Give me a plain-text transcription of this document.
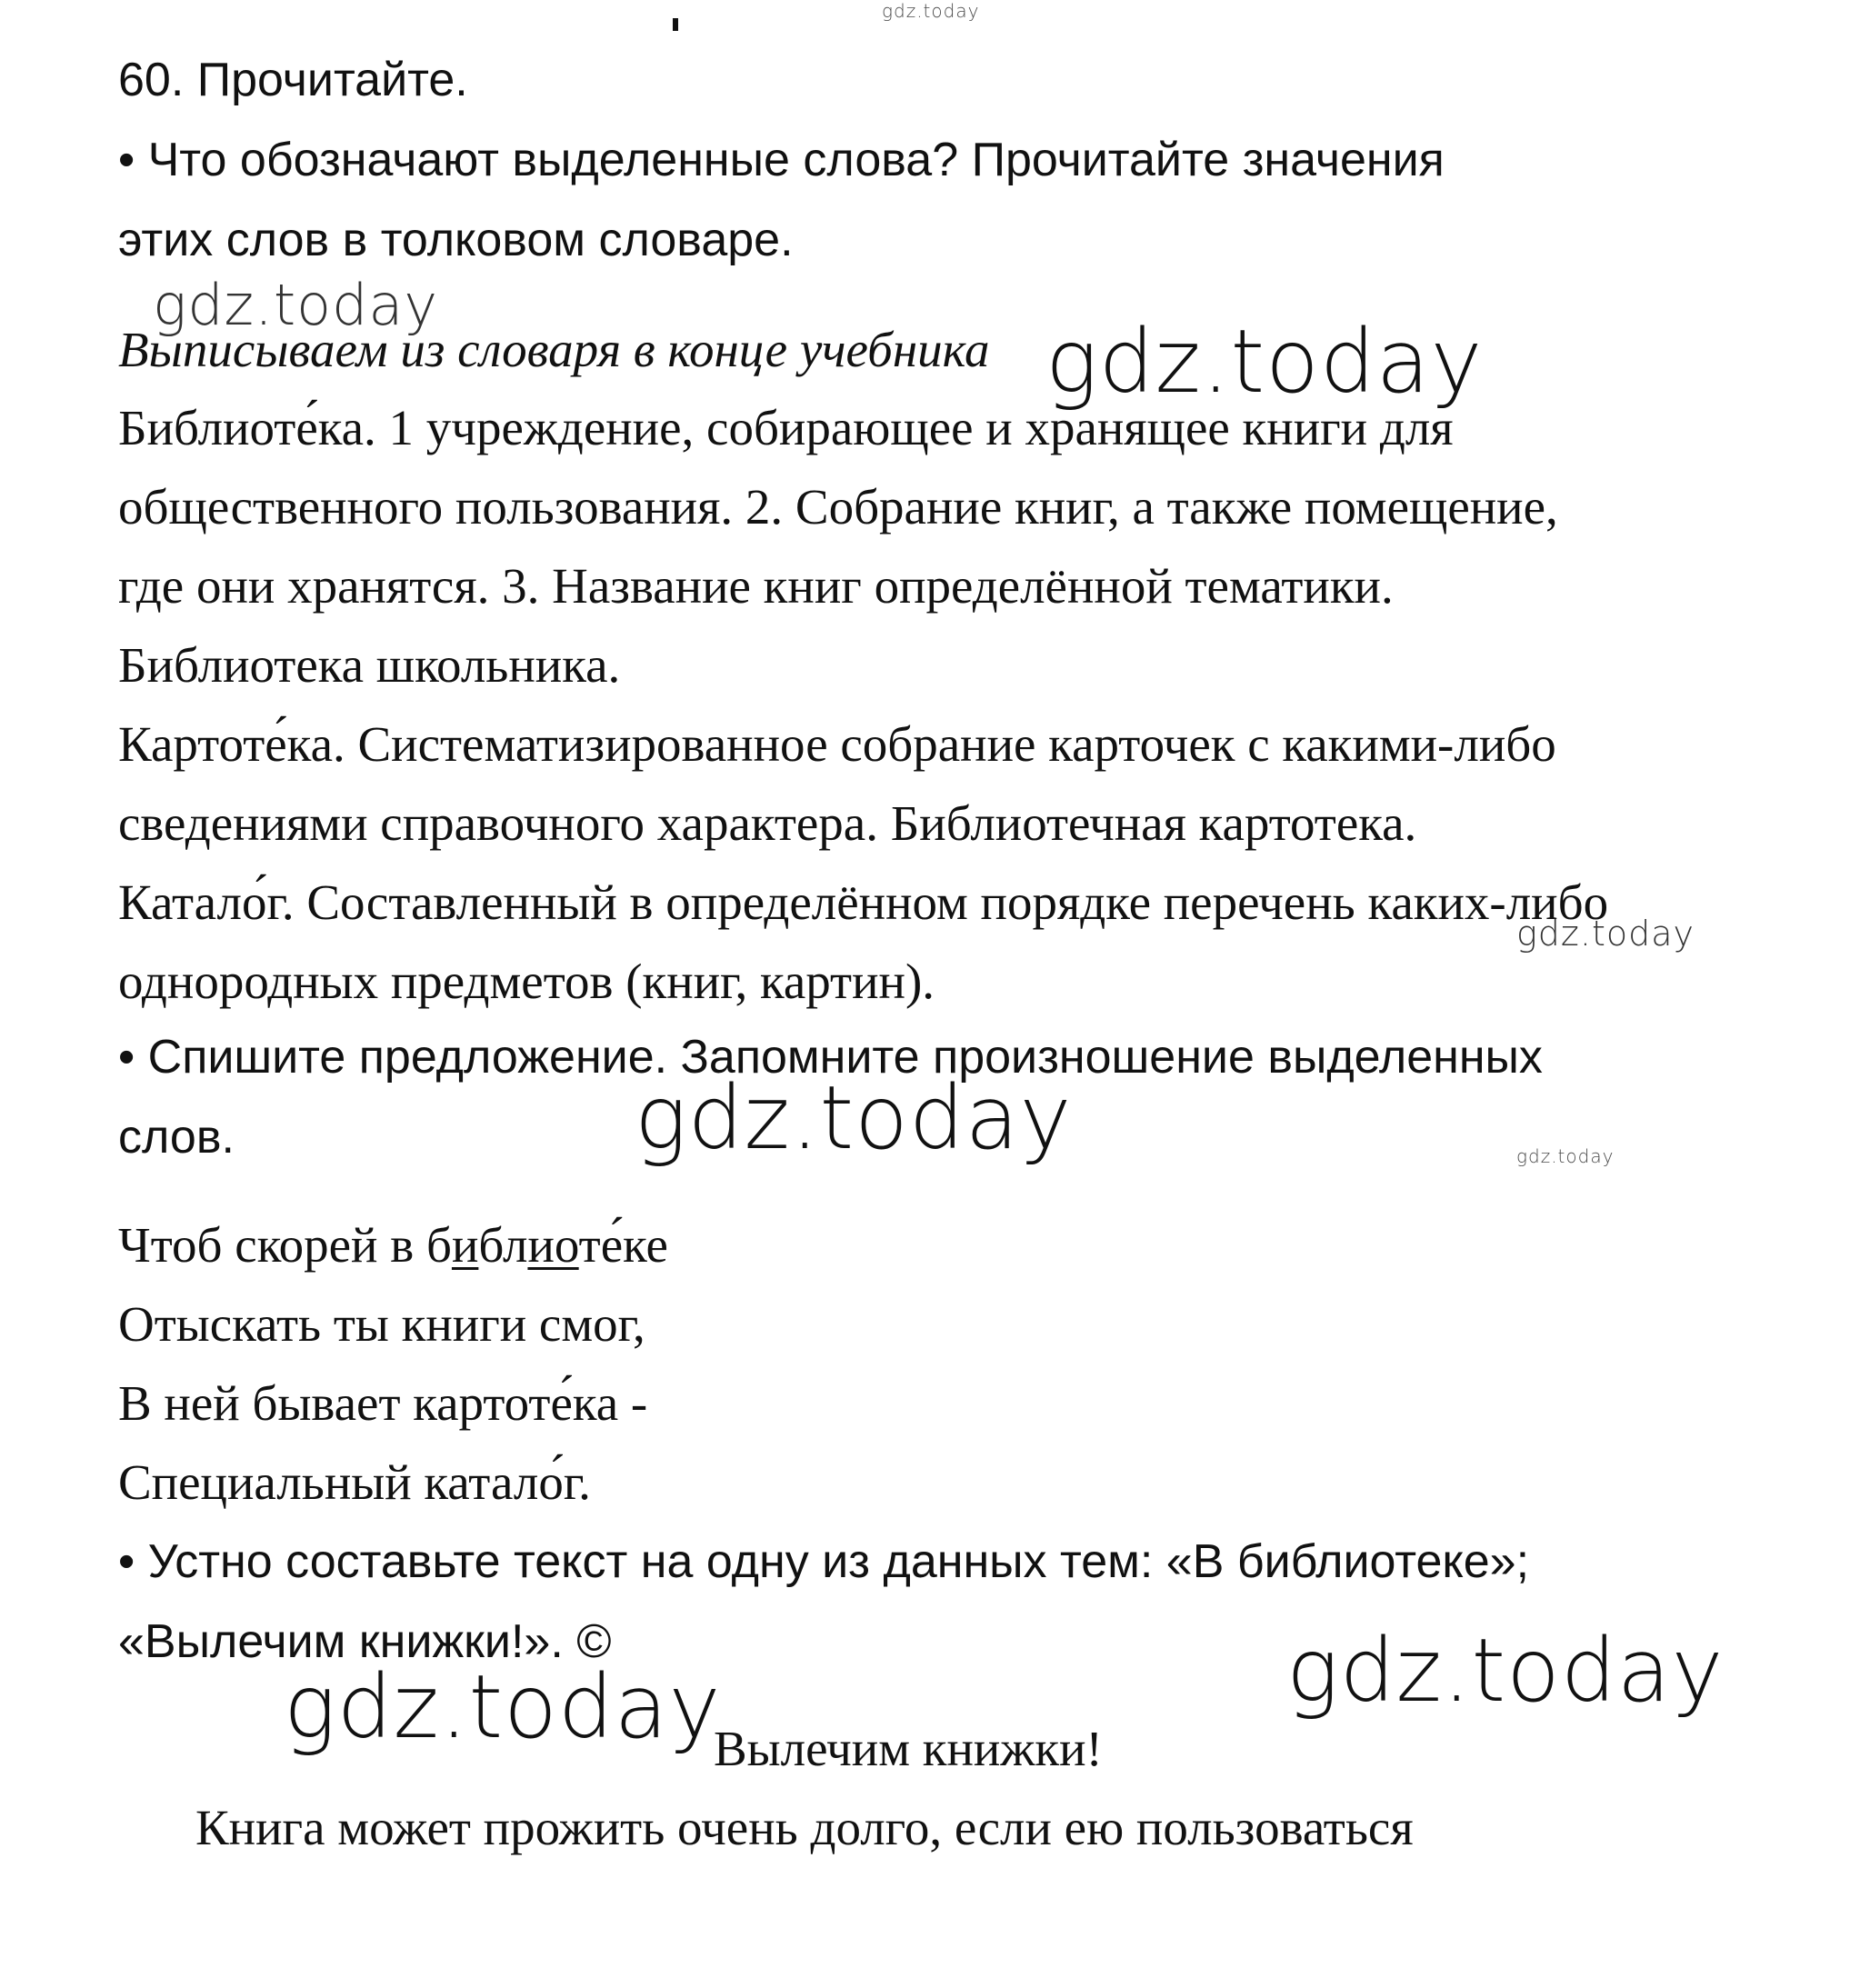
gdz.today
gdz.today
gdz.today
gdz.today
gdz.today	gdz.today
gdz.today
gdz.today
60. Прочитайте.
• Что обозначают выделенные слова? Прочитайте значения
этих слов в толковом словаре.
Выписываем из словаря в конце учебника
Библиоте́ка. 1 учреждение, собирающее и хранящее книги для
общественного пользования. 2. Собрание книг, а также помещение,
где они хранятся. 3. Название книг определённой тематики.
Библиотека школьника.
Картоте́ка. Систематизированное собрание карточек с какими-либо
сведениями справочного характера. Библиотечная картотека.
Катало́г. Составленный в определённом порядке перечень каких-либо
однородных предметов (книг, картин).
• Спишите предложение. Запомните произношение выделенных
слов.
Чтоб скорей в библиоте́ке
Отыскать ты книги смог,
В ней бывает картоте́ка -
Специальный катало́г.
• Устно составьте текст на одну из данных тем: «В библиотеке»;
«Вылечим книжки!». ©
Вылечим книжки!
Книга может прожить очень долго, если ею пользоваться
